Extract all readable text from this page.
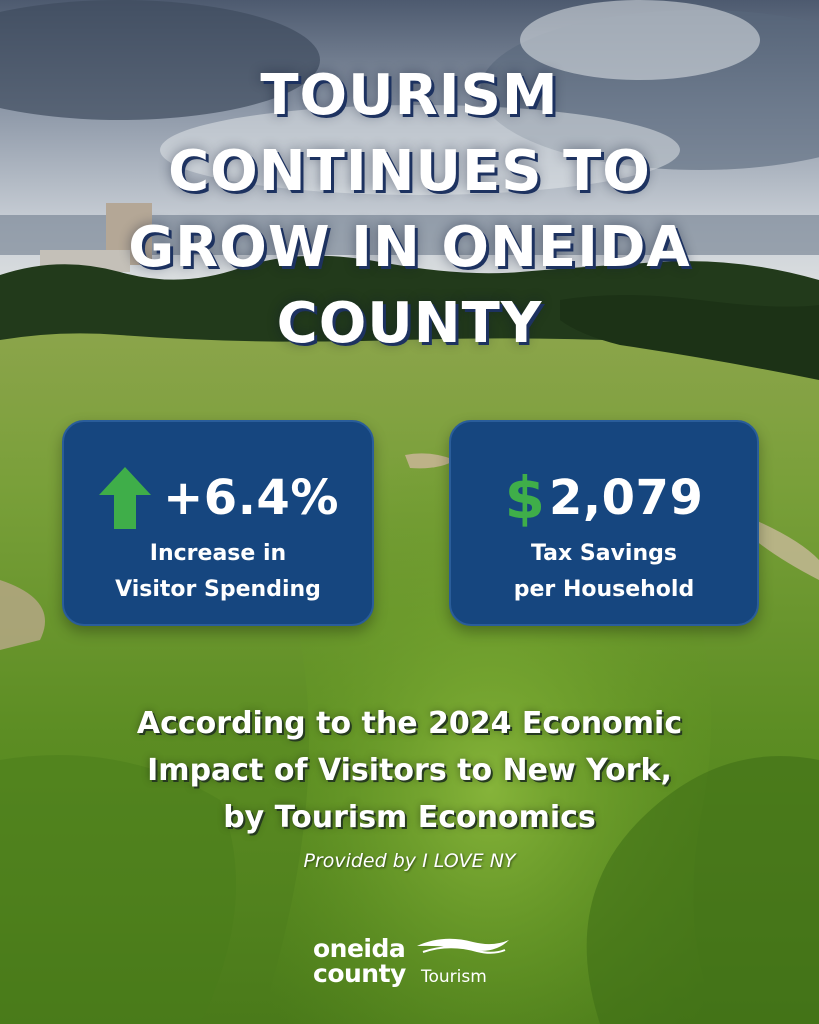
TOURISM
CONTINUES TO
GROW IN ONEIDA
COUNTY
+6.4%
Increase in
Visitor Spending
$ 2,079
Tax Savings
per Household
According to the 2024 Economic
Impact of Visitors to New York,
by Tourism Economics
Provided by I LOVE NY
oneida
county Tourism
